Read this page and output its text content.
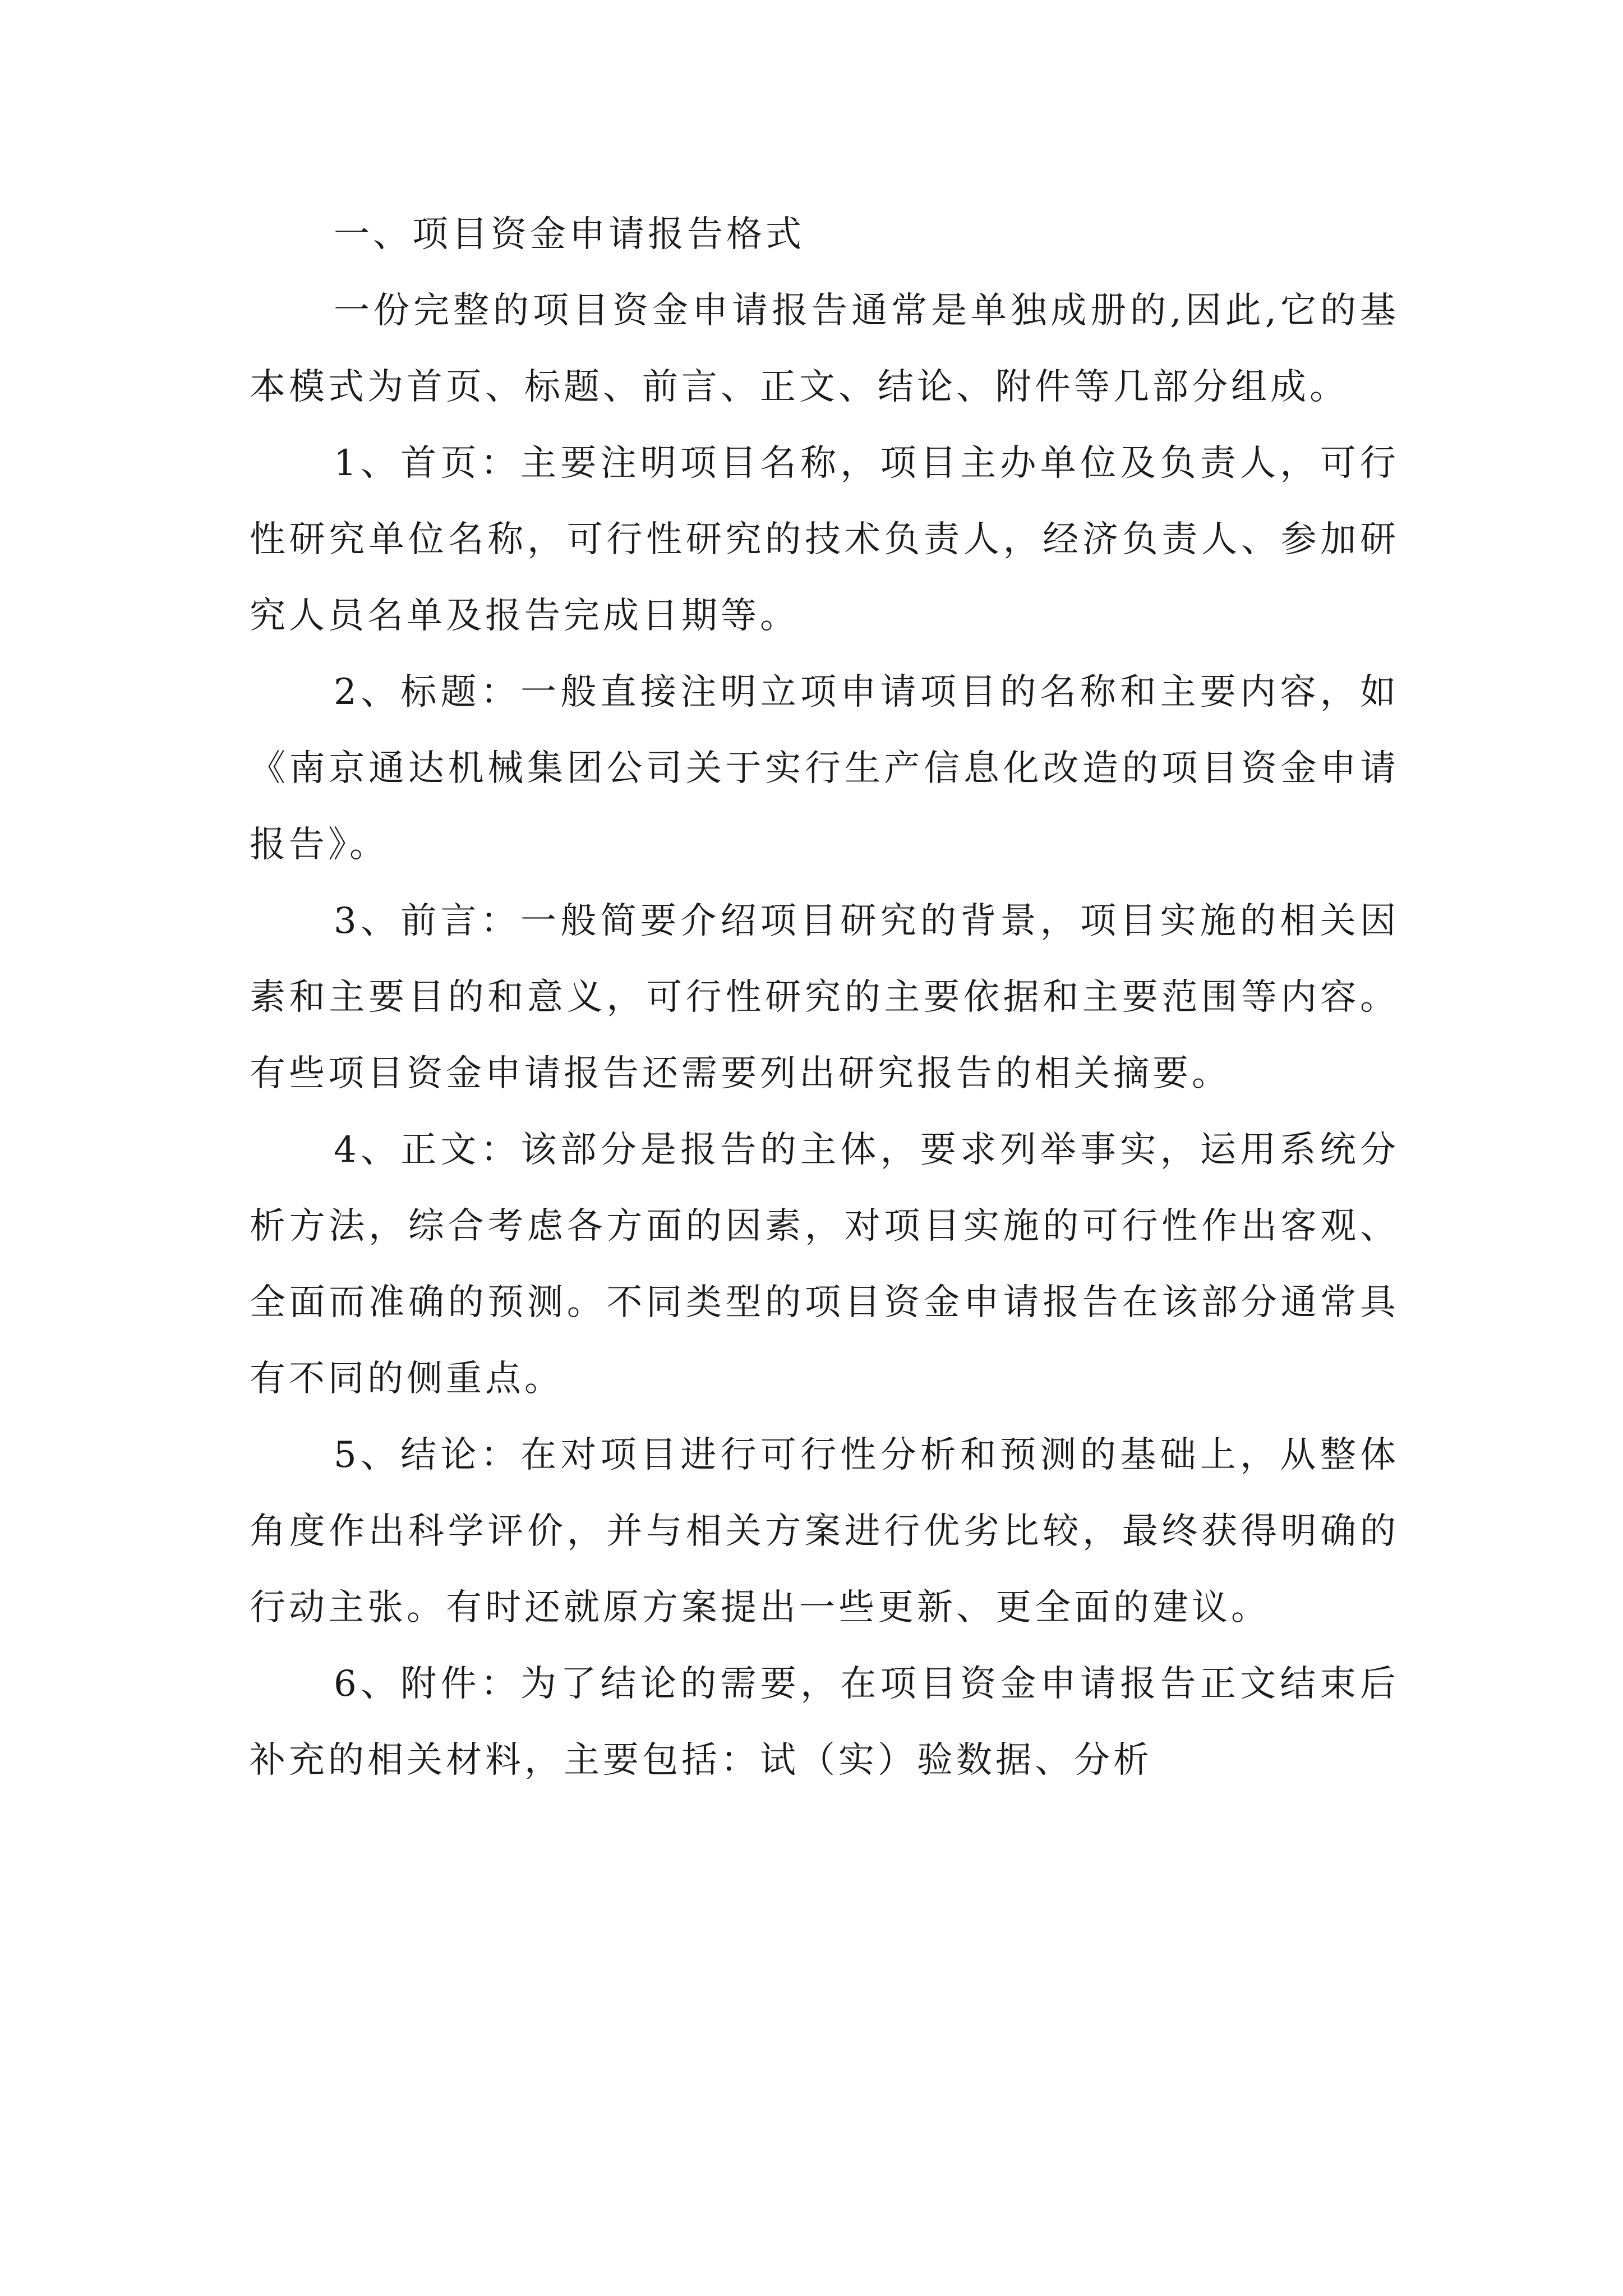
一、项目资金申请报告格式

一份完整的项目资金申请报告通常是单独成册的,因此,它的基本模式为首页、标题、前言、正文、结论、附件等几部分组成。

1、首页：主要注明项目名称，项目主办单位及负责人，可行性研究单位名称，可行性研究的技术负责人，经济负责人、参加研究人员名单及报告完成日期等。

2、标题：一般直接注明立项申请项目的名称和主要内容，如《南京通达机械集团公司关于实行生产信息化改造的项目资金申请报告》。

3、前言：一般简要介绍项目研究的背景，项目实施的相关因素和主要目的和意义，可行性研究的主要依据和主要范围等内容。有些项目资金申请报告还需要列出研究报告的相关摘要。

4、正文：该部分是报告的主体，要求列举事实，运用系统分析方法，综合考虑各方面的因素，对项目实施的可行性作出客观、全面而准确的预测。不同类型的项目资金申请报告在该部分通常具有不同的侧重点。

5、结论：在对项目进行可行性分析和预测的基础上，从整体角度作出科学评价，并与相关方案进行优劣比较，最终获得明确的行动主张。有时还就原方案提出一些更新、更全面的建议。

6、附件：为了结论的需要，在项目资金申请报告正文结束后补充的相关材料，主要包括：试（实）验数据、分析
